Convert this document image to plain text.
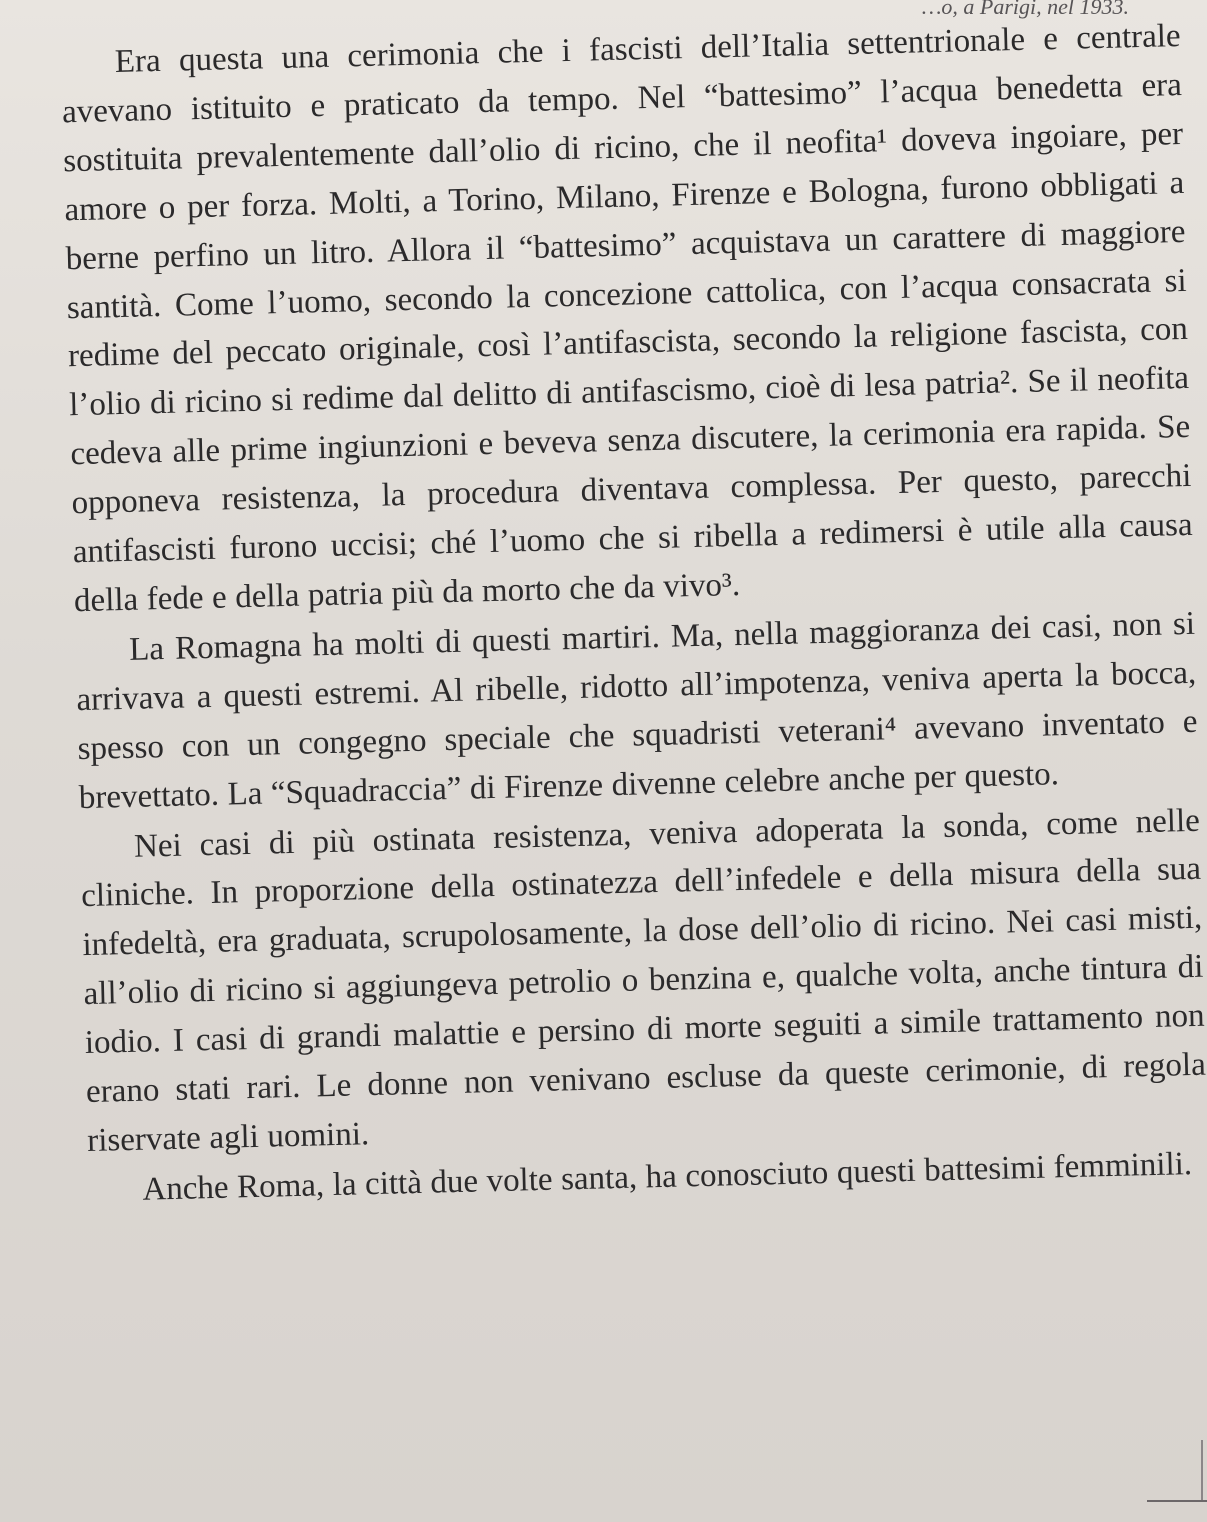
…o, a Parigi, nel 1933.

Era questa una cerimonia che i fascisti dell’Italia settentrionale e centrale avevano istituito e praticato da tempo. Nel “battesimo” l’acqua benedetta era sostituita prevalentemente dall’olio di ricino, che il neofita¹ doveva ingoiare, per amore o per forza. Molti, a Torino, Milano, Firenze e Bologna, furono obbligati a berne perfino un litro. Allora il “battesimo” acquistava un carattere di maggiore santità. Come l’uomo, secondo la concezione cattolica, con l’acqua consacrata si redime del peccato originale, così l’antifascista, secondo la religione fascista, con l’olio di ricino si redime dal delitto di antifascismo, cioè di lesa patria². Se il neofita cedeva alle prime ingiunzioni e beveva senza discutere, la cerimonia era rapida. Se opponeva resistenza, la procedura diventava complessa. Per questo, parecchi antifascisti furono uccisi; ché l’uomo che si ribella a redimersi è utile alla causa della fede e della patria più da morto che da vivo³.

La Romagna ha molti di questi martiri. Ma, nella maggioranza dei casi, non si arrivava a questi estremi. Al ribelle, ridotto all’impotenza, veniva aperta la bocca, spesso con un congegno speciale che squadristi veterani⁴ avevano inventato e brevettato. La “Squadraccia” di Firenze divenne celebre anche per questo.

Nei casi di più ostinata resistenza, veniva adoperata la sonda, come nelle cliniche. In proporzione della ostinatezza dell’infedele e della misura della sua infedeltà, era graduata, scrupolosamente, la dose dell’olio di ricino. Nei casi misti, all’olio di ricino si aggiungeva petrolio o benzina e, qualche volta, anche tintura di iodio. I casi di grandi malattie e persino di morte seguiti a simile trattamento non erano stati rari. Le donne non venivano escluse da queste cerimonie, di regola riservate agli uomini.

Anche Roma, la città due volte santa, ha conosciuto questi battesimi femminili.
